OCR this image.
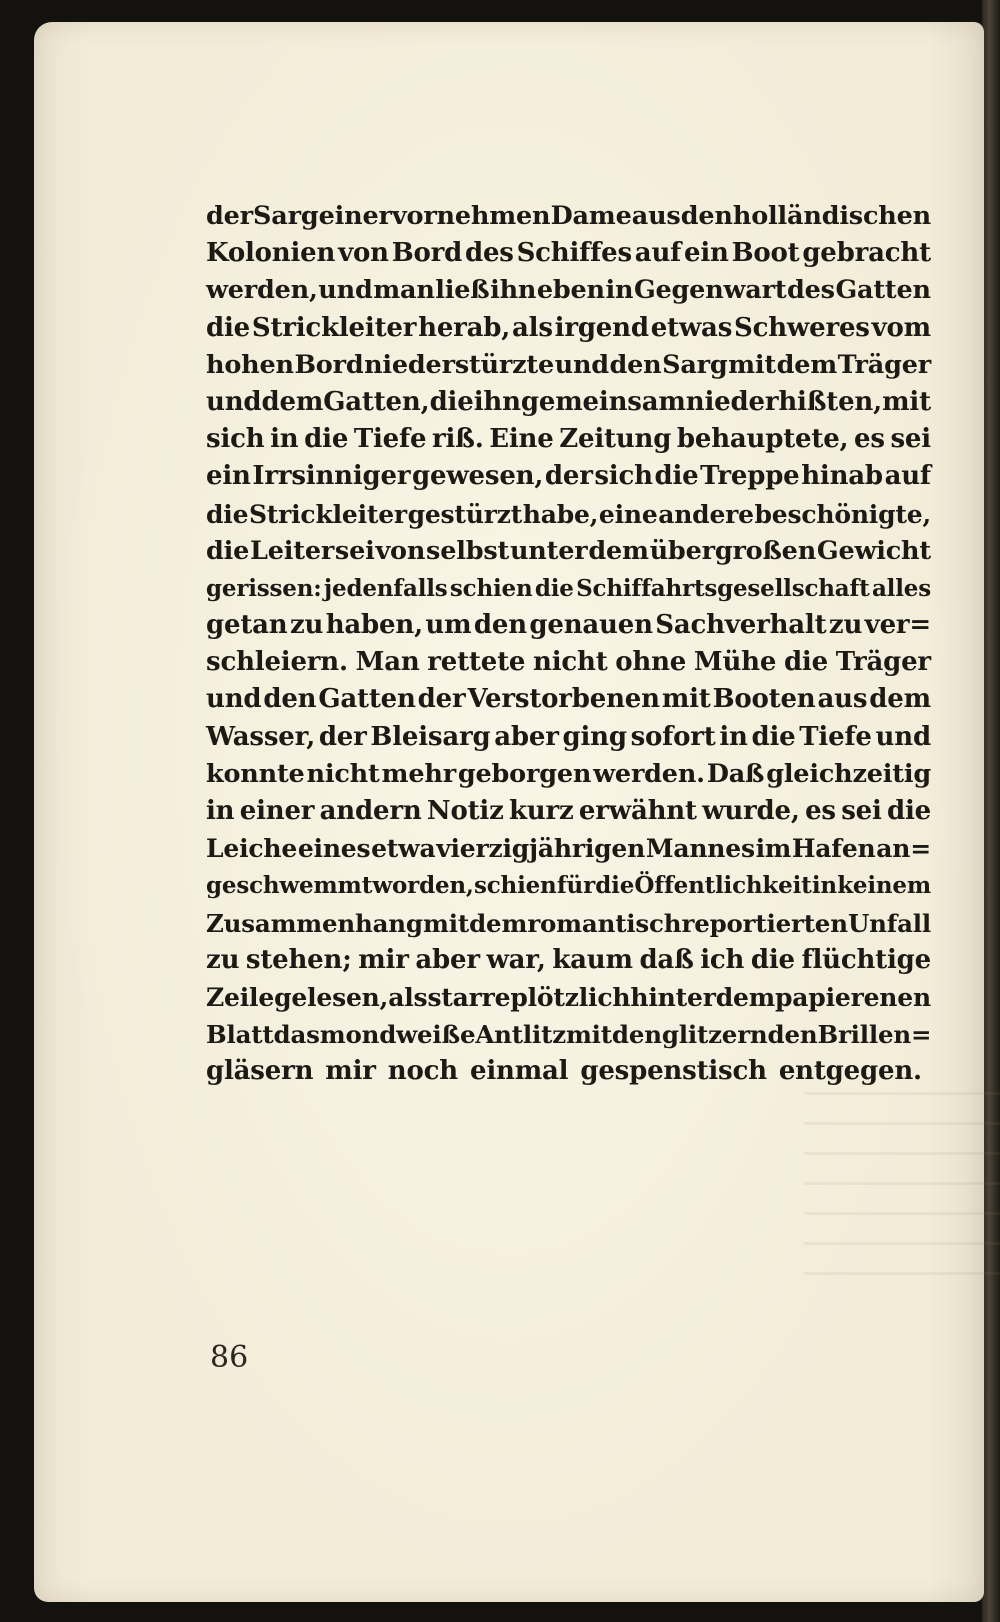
der Sarg einer vornehmen Dame aus den holländischen
Kolonien von Bord des Schiffes auf ein Boot gebracht
werden, und man ließ ihn eben in Gegenwart des Gatten
die Strickleiter herab, als irgend etwas Schweres vom
hohen Bord niederstürzte und den Sarg mit dem Träger
und dem Gatten, die ihn gemeinsam niederhißten, mit
sich in die Tiefe riß. Eine Zeitung behauptete, es sei
ein Irrsinniger gewesen, der sich die Treppe hinab auf
die Strickleiter gestürzt habe, eine andere beschönigte,
die Leiter sei von selbst unter dem übergroßen Gewicht
gerissen: jedenfalls schien die Schiffahrtsgesellschaft alles
getan zu haben, um den genauen Sachverhalt zu ver=
schleiern. Man rettete nicht ohne Mühe die Träger
und den Gatten der Verstorbenen mit Booten aus dem
Wasser, der Bleisarg aber ging sofort in die Tiefe und
konnte nicht mehr geborgen werden. Daß gleichzeitig
in einer andern Notiz kurz erwähnt wurde, es sei die
Leiche eines etwa vierzigjährigen Mannes im Hafen an=
geschwemmt worden, schien für die Öffentlichkeit in keinem
Zusammenhang mit dem romantisch reportierten Unfall
zu stehen; mir aber war, kaum daß ich die flüchtige
Zeile gelesen, als starre plötzlich hinter dem papierenen
Blatt das mondweiße Antlitz mit den glitzernden Brillen=
gläsern mir noch einmal gespenstisch entgegen.
86
